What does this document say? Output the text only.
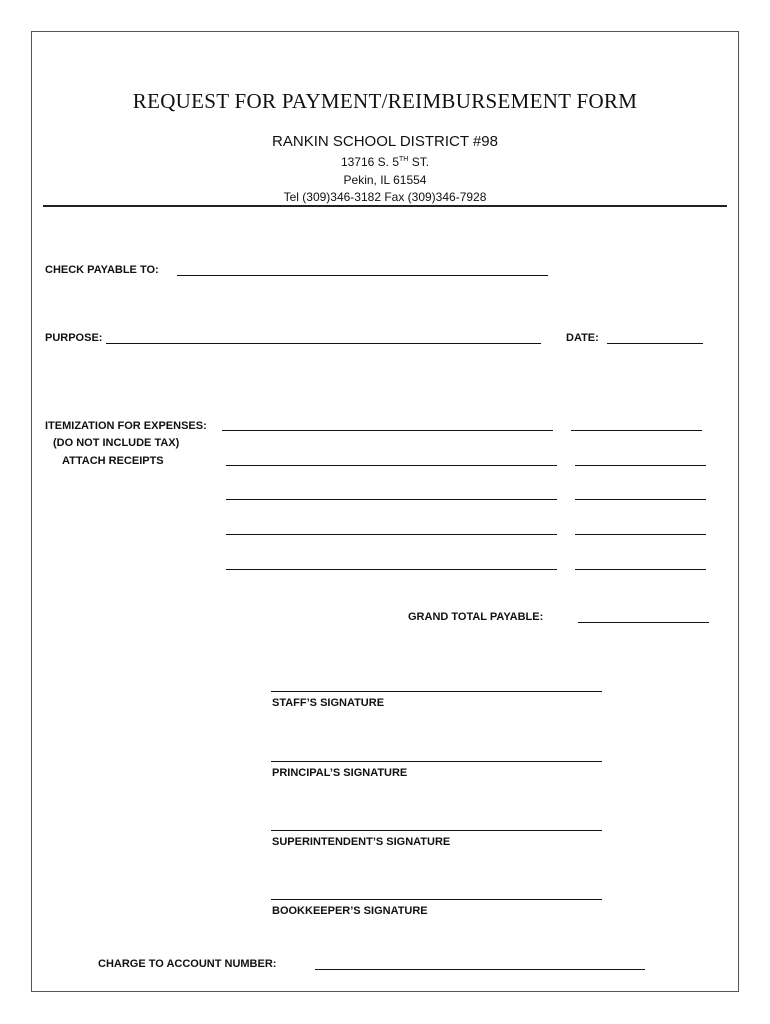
REQUEST FOR PAYMENT/REIMBURSEMENT FORM
RANKIN SCHOOL DISTRICT #98
13716 S. 5TH ST.
Pekin, IL 61554
Tel (309)346-3182 Fax (309)346-7928
CHECK PAYABLE TO:
PURPOSE:	DATE:
ITEMIZATION FOR EXPENSES:
(DO NOT INCLUDE TAX)
ATTACH RECEIPTS
GRAND TOTAL PAYABLE:
STAFF’S SIGNATURE
PRINCIPAL’S SIGNATURE
SUPERINTENDENT’S SIGNATURE
BOOKKEEPER’S SIGNATURE
CHARGE TO ACCOUNT NUMBER:
